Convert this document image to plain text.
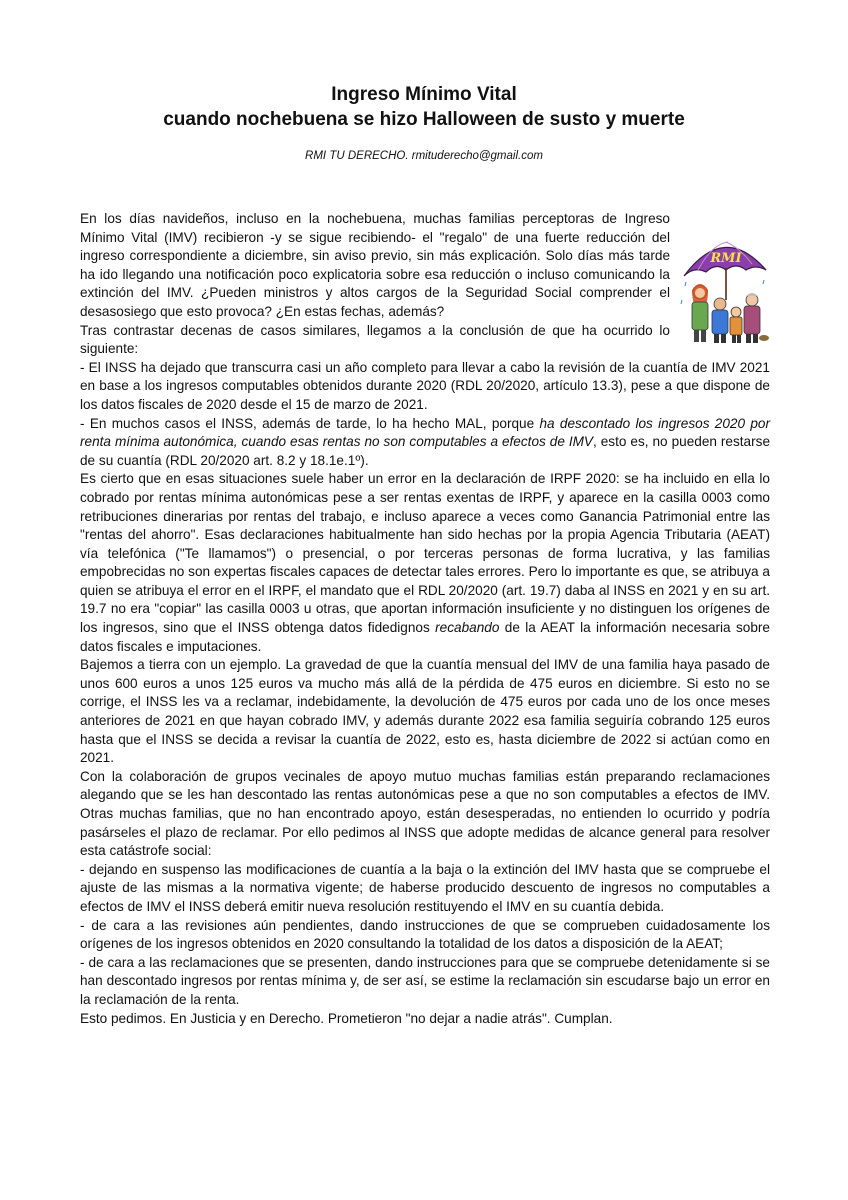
Ingreso Mínimo Vital

cuando nochebuena se hizo Halloween de susto y muerte

RMI TU DERECHO. rmituderecho@gmail.com
RMI

En los días navideños, incluso en la nochebuena, muchas familias perceptoras de Ingreso Mínimo Vital (IMV) recibieron -y se sigue recibiendo- el "regalo" de una fuerte reducción del ingreso correspondiente a diciembre, sin aviso previo, sin más explicación. Solo días más tarde ha ido llegando una notificación poco explicatoria sobre esa reducción o incluso comunicando la extinción del IMV. ¿Pueden ministros y altos cargos de la Seguridad Social comprender el desasosiego que esto provoca? ¿En estas fechas, además?

Tras contrastar decenas de casos similares, llegamos a la conclusión de que ha ocurrido lo siguiente:

- El INSS ha dejado que transcurra casi un año completo para llevar a cabo la revisión de la cuantía de IMV 2021 en base a los ingresos computables obtenidos durante 2020 (RDL 20/2020, artículo 13.3), pese a que dispone de los datos fiscales de 2020 desde el 15 de marzo de 2021.

- En muchos casos el INSS, además de tarde, lo ha hecho MAL, porque ha descontado los ingresos 2020 por renta mínima autonómica, cuando esas rentas no son computables a efectos de IMV, esto es, no pueden restarse de su cuantía (RDL 20/2020 art. 8.2 y 18.1e.1º).

Es cierto que en esas situaciones suele haber un error en la declaración de IRPF 2020: se ha incluido en ella lo cobrado por rentas mínima autonómicas pese a ser rentas exentas de IRPF, y aparece en la casilla 0003 como retribuciones dinerarias por rentas del trabajo, e incluso aparece a veces como Ganancia Patrimonial entre las "rentas del ahorro". Esas declaraciones habitualmente han sido hechas por la propia Agencia Tributaria (AEAT) vía telefónica ("Te llamamos") o presencial, o por terceras personas de forma lucrativa, y las familias empobrecidas no son expertas fiscales capaces de detectar tales errores. Pero lo importante es que, se atribuya a quien se atribuya el error en el IRPF, el mandato que el RDL 20/2020 (art. 19.7) daba al INSS en 2021 y en su art. 19.7 no era "copiar" las casilla 0003 u otras, que aportan información insuficiente y no distinguen los orígenes de los ingresos, sino que el INSS obtenga datos fidedignos recabando de la AEAT la información necesaria sobre datos fiscales e imputaciones.

Bajemos a tierra con un ejemplo. La gravedad de que la cuantía mensual del IMV de una familia haya pasado de unos 600 euros a unos 125 euros va mucho más allá de la pérdida de 475 euros en diciembre. Si esto no se corrige, el INSS les va a reclamar, indebidamente, la devolución de 475 euros por cada uno de los once meses anteriores de 2021 en que hayan cobrado IMV, y además durante 2022 esa familia seguiría cobrando 125 euros hasta que el INSS se decida a revisar la cuantía de 2022, esto es, hasta diciembre de 2022 si actúan como en 2021.

Con la colaboración de grupos vecinales de apoyo mutuo muchas familias están preparando reclamaciones alegando que se les han descontado las rentas autonómicas pese a que no son computables a efectos de IMV. Otras muchas familias, que no han encontrado apoyo, están desesperadas, no entienden lo ocurrido y podría pasárseles el plazo de reclamar. Por ello pedimos al INSS que adopte medidas de alcance general para resolver esta catástrofe social:

- dejando en suspenso las modificaciones de cuantía a la baja o la extinción del IMV hasta que se compruebe el ajuste de las mismas a la normativa vigente; de haberse producido descuento de ingresos no computables a efectos de IMV el INSS deberá emitir nueva resolución restituyendo el IMV en su cuantía debida.

- de cara a las revisiones aún pendientes, dando instrucciones de que se comprueben cuidadosamente los orígenes de los ingresos obtenidos en 2020 consultando la totalidad de los datos a disposición de la AEAT;

- de cara a las reclamaciones que se presenten, dando instrucciones para que se compruebe detenidamente si se han descontado ingresos por rentas mínima y, de ser así, se estime la reclamación sin escudarse bajo un error en la reclamación de la renta.

Esto pedimos. En Justicia y en Derecho. Prometieron "no dejar a nadie atrás". Cumplan.
